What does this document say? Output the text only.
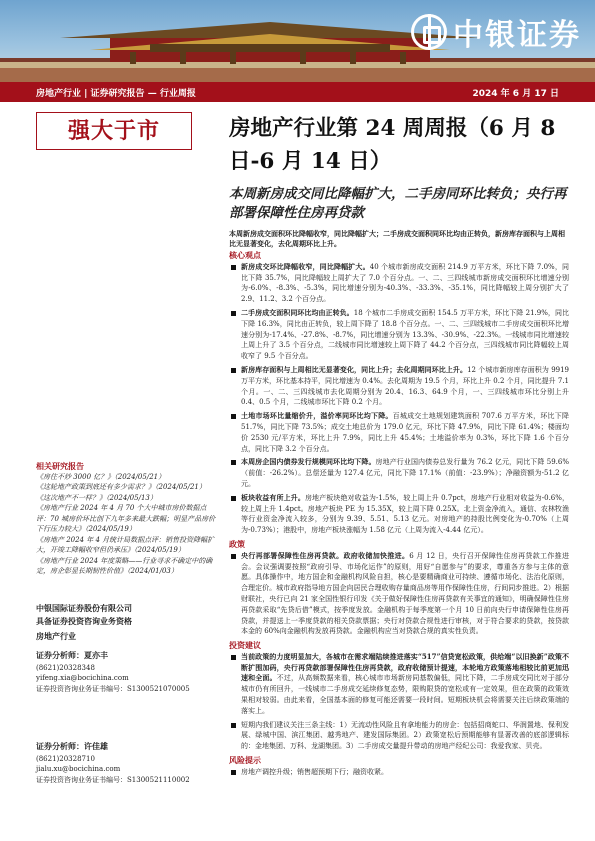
中银证券
房地产行业 | 证券研究报告 — 行业周报	2024 年 6 月 17 日
强大于市	房地产行业第 24 周周报（6 月 8 日-6 月 14 日）
本周新房成交同比降幅扩大，二手房同环比转负；央行再部署保障性住房再贷款
本周新房成交面积环比降幅收窄，同比降幅扩大；二手房成交面积同环比均由正转负，新房库存面积与上周相比无显著变化，去化周期环比上升。
核心观点
新房成交环比降幅收窄，同比降幅扩大。40 个城市新房成交面积 214.9 万平方米，环比下降 7.0%，同比下降 35.7%，同比降幅较上周扩大了 7.0 个百分点。一、二、三四线城市新房成交面积环比增速分别为-6.0%、-8.3%、-5.3%，同比增速分别为-40.3%、-33.3%、-35.1%，同比降幅较上周分别扩大了 2.9、11.2、3.2 个百分点。
二手房成交面积同环比均由正转负。18 个城市二手房成交面积 154.5 万平方米，环比下降 21.9%，同比下降 16.3%，同比由正转负，较上周下降了 18.8 个百分点。一、二、三四线城市二手房成交面积环比增速分别为-17.4%、-27.8%、-8.7%，同比增速分别为 13.3%、-30.9%、-22.3%。一线城市同比增速较上周上升了 3.5 个百分点，二线城市同比增速较上周下降了 44.2 个百分点，三四线城市同比降幅较上周收窄了 9.5 个百分点。
新房库存面积与上周相比无显著变化，同比上升；去化周期同环比上升。12 个城市新房库存面积为 9919 万平方米，环比基本持平，同比增速为 0.4%。去化周期为 19.5 个月，环比上升 0.2 个月，同比提升 7.1 个月。一、二、三四线城市去化周期分别为 20.4、16.3、64.9 个月，一、三四线城市环比分别上升 0.4、0.5 个月，二线城市环比下降 0.2 个月。
土地市场环比量缩价升，溢价率同环比均下降。百城成交土地规划建筑面积 707.6 万平方米，环比下降 51.7%，同比下降 73.5%；成交土地总价为 179.0 亿元，环比下降 47.9%，同比下降 61.4%；楼面均价 2530 元/平方米，环比上升 7.9%，同比上升 45.4%；土地溢价率为 0.3%，环比下降 1.6 个百分点，同比下降 3.2 个百分点。
本周房企国内债券发行规模同环比均下降。房地产行业国内债券总发行量为 76.2 亿元，同比下降 59.6%（前值：-26.2%）。总偿还量为 127.4 亿元，同比下降 17.1%（前值：-23.9%）；净融资额为-51.2 亿元。
板块收益有所上升。房地产板块绝对收益为-1.5%，较上周上升 0.7pct，房地产行业相对收益为-0.6%，较上周上升 1.4pct。房地产板块 PE 为 15.35X，较上周下降 0.25X。北上资金净流入，通信、农林牧渔等行业资金净流入较多，分别为 9.39、5.51、5.13 亿元。对房地产的持股比例变化为-0.70%（上周为-0.73%）；港股中，房地产板块涨幅为 1.58 亿元（上周为流入-4.44 亿元）。
政策
央行再部署保障性住房再贷款。政府收储加快推进。6 月 12 日，央行召开保障性住房再贷款工作推进会。会议强调要按照“政府引导、市场化运作”的原则，用好“自愿参与”的要求，尊重各方参与主体的意愿。具体操作中，地方国企和金融机构风险自担，核心是要精确商业可持续、遵循市场化、法治化原则，合理定价。城市政府指导地方国企向居民合理收购存量商品房等用作保障性住房，行间同步推进。2）根据财联社，央行已向 21 家全国性银行印发《关于做好保障性住房再贷款有关事宜的通知》，明确保障性住房再贷款采取“先贷后借”模式，按季度发放。金融机构于每季度第一个月 10 日前向央行申请保障性住房再贷款，并提送上一季度贷款的相关贷款票据；央行对贷款合规性进行审核，对于符合要求的贷款，按贷款本金的 60%向金融机构发放再贷款。金融机构应当对贷款合规的真实性负责。
投资建议
当前政策的力度明显加大，各城市在需求端陆续推进落实“517”信贷宽松政策，供给端“以旧换新”政策不断扩围加码，央行再贷款部署保障性住房再贷款，政府收储预计提速，本轮地方政策落地相较比前更加迅速和全面。不过，从高频数据来看，核心城市市场新房同基数偏低，同比下降，二手房成交同比对于部分城市仍有所回升，一线城市二手房成交延续修复态势，限购限贷的宽松或有一定效果，但在政策的政策效果相对较弱。由此来看，全国基本面的修复可能还需要一段时间。短期板块机会将需要关注后续政策端的落实上。
短期内我们建议关注三条主线：1）无流动性风险且有拿地能力的房企：包括招商蛇口、华润置地、保利发展、绿城中国、滨江集团、越秀地产、建发国际集团。2）政策宽松后预期能够有显著改善的底部逻辑标的：金地集团、万科、龙湖集团。3）二手房成交量提升带动的房地产经纪公司：我爱我家、贝壳。
风险提示
房地产调控升级；销售超预期下行；融资收紧。
相关研究报告
《房住不炒 3000 亿？》（2024/05/21）
《这轮地产政策到底还有多少需求？》（2024/05/21）
《这次地产不一样？》（2024/05/13）
《房地产行业 2024 年 4 月 70 个大中城市房价数据点评：70 城房价环比创下九年多来最大跌幅；明显产品房价下行压力较大》（2024/05/19）
《房地产 2024 年 4 月统计局数据点评：销售投资降幅扩大，开竣工降幅收窄但仍承压》（2024/05/19）
《房地产行业 2024 年度策略——行业寻求不确定中的确定，房企彰显长期韧性价值》（2024/01/03）
中银国际证券股份有限公司
具备证券投资咨询业务资格
房地产行业
证券分析师：夏亦丰
(8621)20328348
yifeng.xia@bocichina.com
证券投资咨询业务证书编号：S1300521070005
证券分析师：许佳雄
(8621)20328710
jialu.xu@bocichina.com
证券投资咨询业务证书编号：S1300521110002
